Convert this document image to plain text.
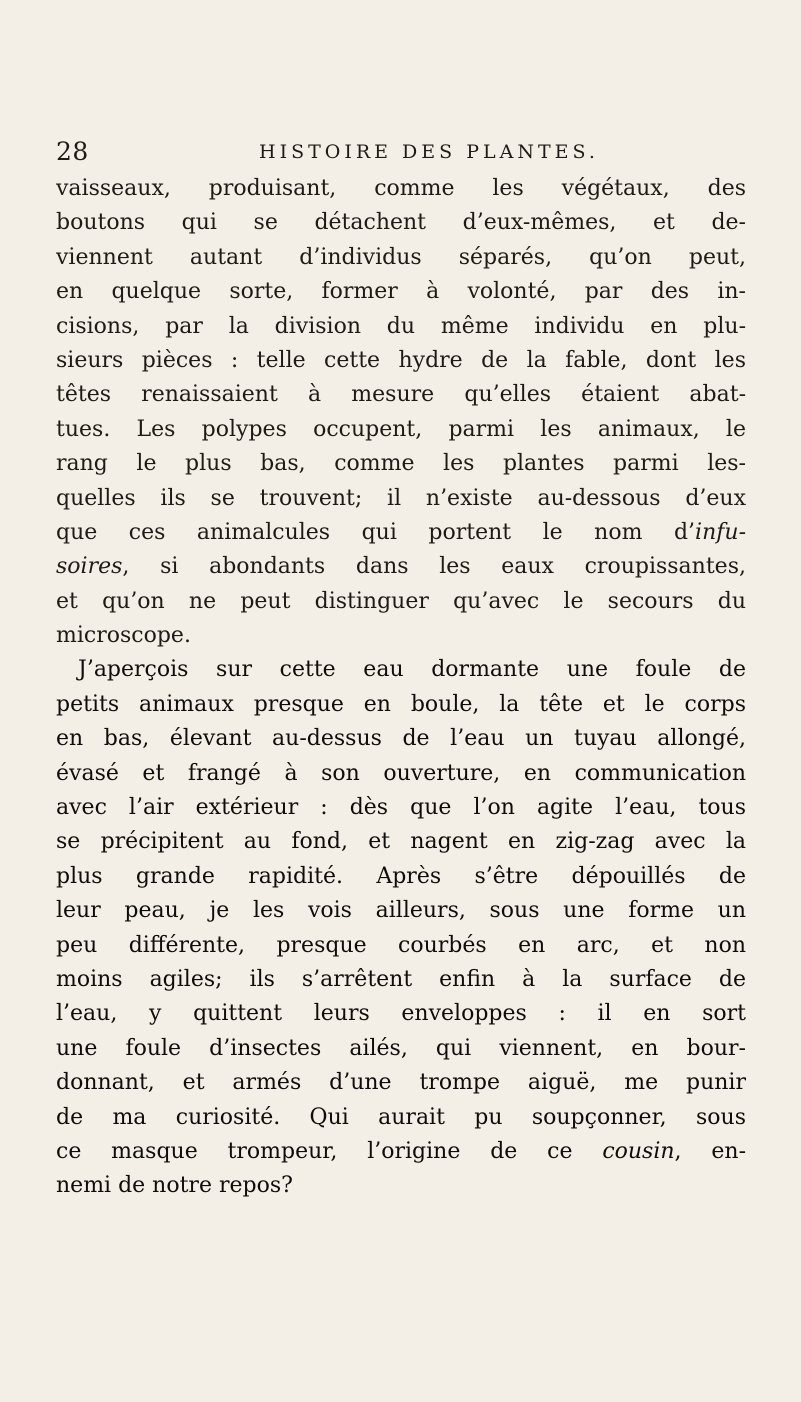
28	HISTOIRE DES PLANTES.
vaisseaux, produisant, comme les végétaux, des
boutons qui se détachent d’eux-mêmes, et de-
viennent autant d’individus séparés, qu’on peut,
en quelque sorte, former à volonté, par des in-
cisions, par la division du même individu en plu-
sieurs pièces : telle cette hydre de la fable, dont les
têtes renaissaient à mesure qu’elles étaient abat-
tues. Les polypes occupent, parmi les animaux, le
rang le plus bas, comme les plantes parmi les-
quelles ils se trouvent; il n’existe au-dessous d’eux
que ces animalcules qui portent le nom d’infu-
soires, si abondants dans les eaux croupissantes,
et qu’on ne peut distinguer qu’avec le secours du
microscope.
J’aperçois sur cette eau dormante une foule de
petits animaux presque en boule, la tête et le corps
en bas, élevant au-dessus de l’eau un tuyau allongé,
évasé et frangé à son ouverture, en communication
avec l’air extérieur : dès que l’on agite l’eau, tous
se précipitent au fond, et nagent en zig-zag avec la
plus grande rapidité. Après s’être dépouillés de
leur peau, je les vois ailleurs, sous une forme un
peu différente, presque courbés en arc, et non
moins agiles; ils s’arrêtent enfin à la surface de
l’eau, y quittent leurs enveloppes : il en sort
une foule d’insectes ailés, qui viennent, en bour-
donnant, et armés d’une trompe aiguë, me punir
de ma curiosité. Qui aurait pu soupçonner, sous
ce masque trompeur, l’origine de ce cousin, en-
nemi de notre repos?
